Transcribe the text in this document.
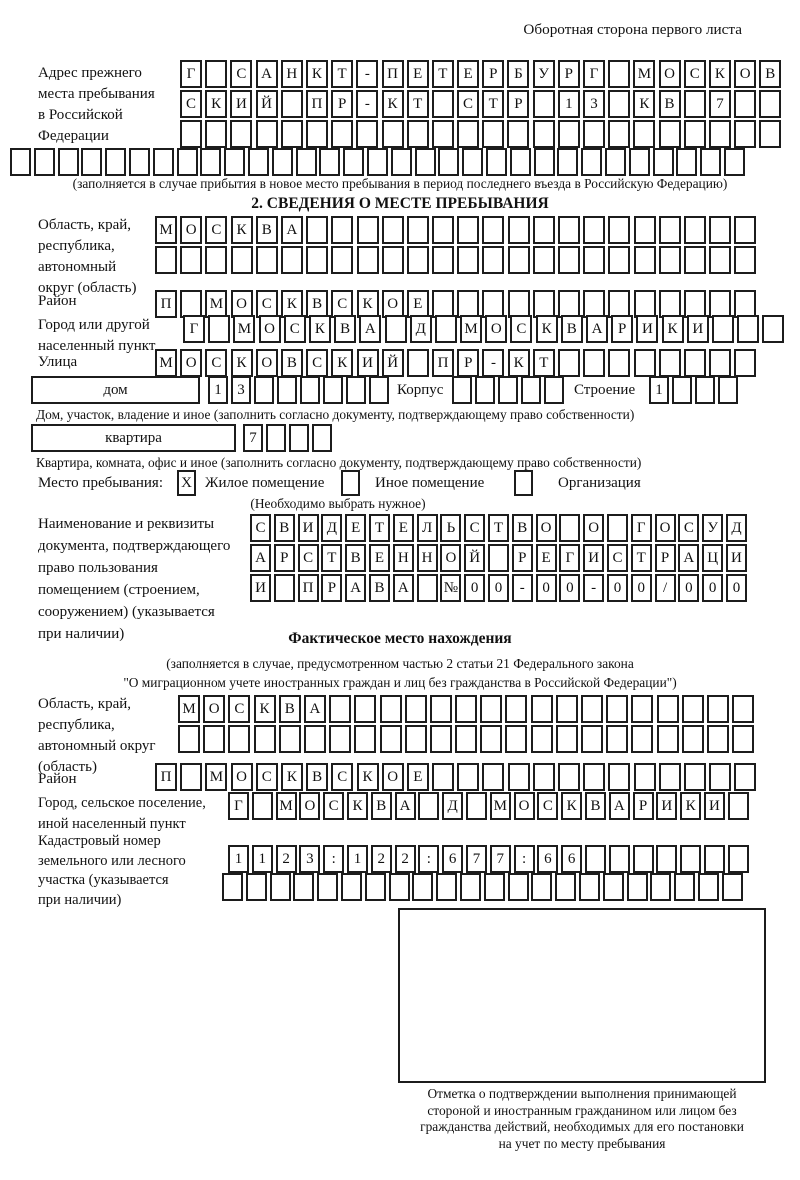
Оборотная сторона первого листа
Адрес прежнего
места пребывания
в Российской
Федерации
Г	С А Н К	Т	-	П	Е	Т	Е	Р	Б	У	Р	Г	М О С	К О В
С	К И Й	П	Р	-	К	Т	С	Т	Р	1	3	К	В	7
(заполняется в случае прибытия в новое место пребывания в период последнего въезда в Российскую Федерацию)
2. СВЕДЕНИЯ О МЕСТЕ ПРЕБЫВАНИЯ
Область, край,
республика,
автономный
округ (область)
М О С	К	В А
Район	П	М О С	К	В	С	К О	Е
Город или другой
населенный пункт
Г	М О С	К	В А	Д	М О С	К	В А	Р	И К И
Улица	М О С	К О В	С	К И Й	П	Р	-	К	Т
дом	1	3	Корпус	Строение	1
Дом, участок, владение и иное (заполнить согласно документу, подтверждающему право собственности)
квартира	7
Квартира, комната, офис и иное (заполнить согласно документу, подтверждающему право собственности)
Место пребывания: X Жилое помещение	Иное помещение	Организация
(Необходимо выбрать нужное)
Наименование и реквизиты
документа, подтверждающего
право пользования
помещением (строением,
сооружением) (указывается
при наличии)
С В И Д Е Т Е Л Ь С Т В О	О	Г О С У Д
А Р С Т В Е Н Н О Й	Р	Е Г И С Т	Р А Ц И
И	П Р А В А	№ 0	0	-	0	0	-	0	0	/	0	0	0
Фактическое место нахождения
(заполняется в случае, предусмотренном частью 2 статьи 21 Федерального закона
"О миграционном учете иностранных граждан и лиц без гражданства в Российской Федерации")
Область, край,
республика,
автономный округ
(область)
М О С	К	В А
Район	П	М О С	К	В	С	К О	Е
Город, сельское поселение,
иной населенный пункт
Г	М О С К В А	Д	М О С К В А Р И К И
Кадастровый номер
земельного или лесного
участка (указывается
при наличии)
1	1	2	3	:	1	2	2	:	6	7	7	:	6	6
Отметка о подтверждении выполнения принимающей
стороной и иностранным гражданином или лицом без
гражданства действий, необходимых для его постановки
на учет по месту пребывания
